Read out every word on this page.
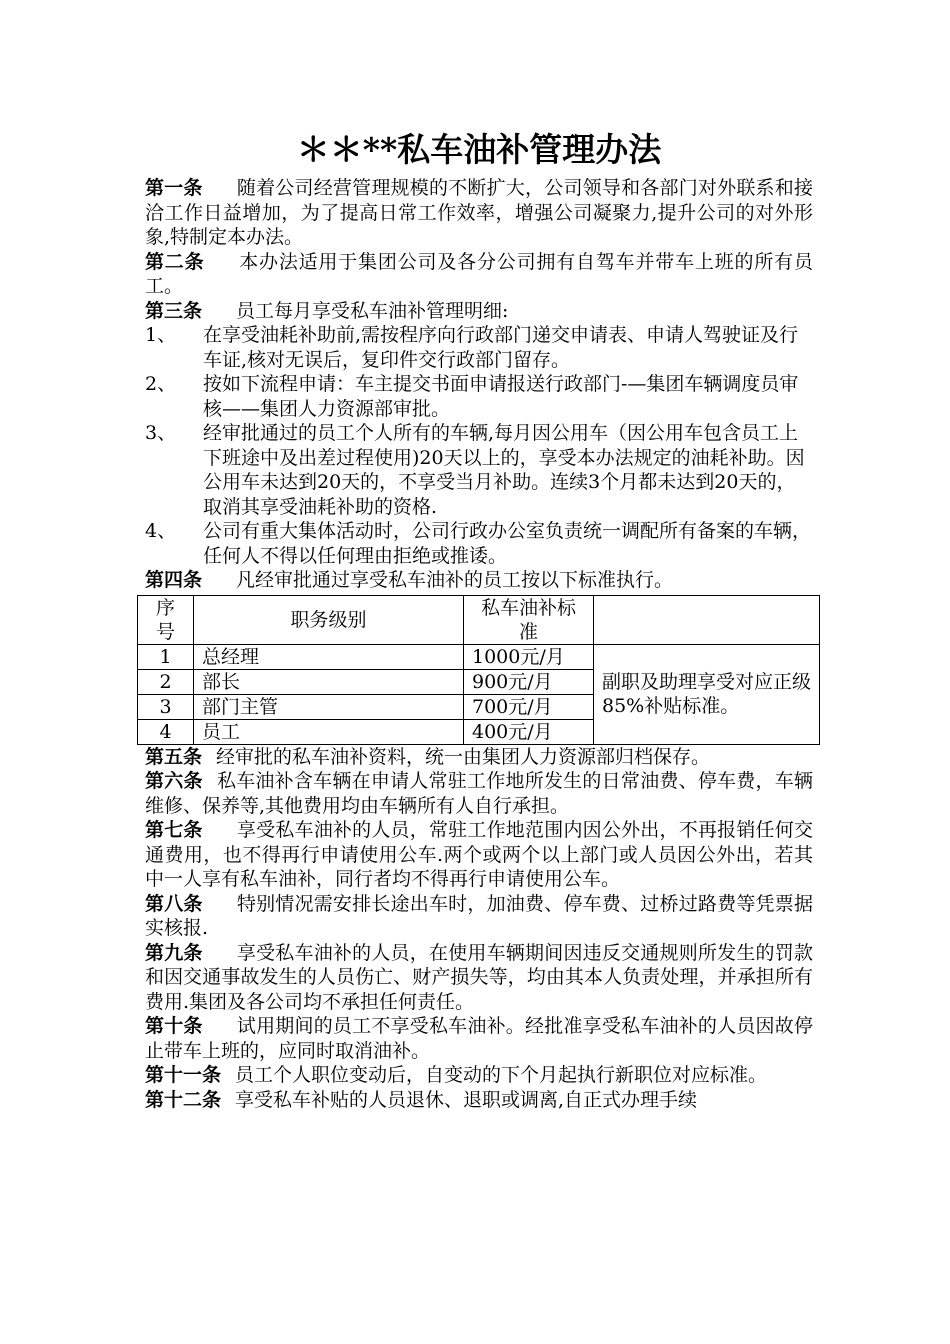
＊＊**私车油补管理办法

第一条 随着公司经营管理规模的不断扩大，公司领导和各部门对外联系和接洽工作日益增加，为了提高日常工作效率，增强公司凝聚力,提升公司的对外形象,特制定本办法。

第二条 本办法适用于集团公司及各分公司拥有自驾车并带车上班的所有员工。

第三条 员工每月享受私车油补管理明细:

1、	在享受油耗补助前,需按程序向行政部门递交申请表、申请人驾驶证及行车证,核对无误后，复印件交行政部门留存。
2、	按如下流程申请：车主提交书面申请报送行政部门-—集团车辆调度员审核——集团人力资源部审批。
3、	经审批通过的员工个人所有的车辆,每月因公用车（因公用车包含员工上下班途中及出差过程使用)20天以上的，享受本办法规定的油耗补助。因公用车未达到20天的，不享受当月补助。连续3个月都未达到20天的，取消其享受油耗补助的资格.
4、	公司有重大集体活动时，公司行政办公室负责统一调配所有备案的车辆，任何人不得以任何理由拒绝或推诿。

第四条 凡经审批通过享受私车油补的员工按以下标准执行。

序号	职务级别	私车油补标准	
1	总经理	1000元/月	副职及助理享受对应正级85%补贴标准。
2	部长	900元/月	
3	部门主管	700元/月	
4	员工	400元/月	

第五条 经审批的私车油补资料，统一由集团人力资源部归档保存。

第六条 私车油补含车辆在申请人常驻工作地所发生的日常油费、停车费，车辆维修、保养等,其他费用均由车辆所有人自行承担。

第七条 享受私车油补的人员，常驻工作地范围内因公外出，不再报销任何交通费用，也不得再行申请使用公车.两个或两个以上部门或人员因公外出，若其中一人享有私车油补，同行者均不得再行申请使用公车。

第八条 特别情况需安排长途出车时，加油费、停车费、过桥过路费等凭票据实核报.

第九条 享受私车油补的人员，在使用车辆期间因违反交通规则所发生的罚款和因交通事故发生的人员伤亡、财产损失等，均由其本人负责处理，并承担所有费用.集团及各公司均不承担任何责任。

第十条 试用期间的员工不享受私车油补。经批准享受私车油补的人员因故停止带车上班的，应同时取消油补。

第十一条 员工个人职位变动后，自变动的下个月起执行新职位对应标准。

第十二条 享受私车补贴的人员退休、退职或调离,自正式办理手续
